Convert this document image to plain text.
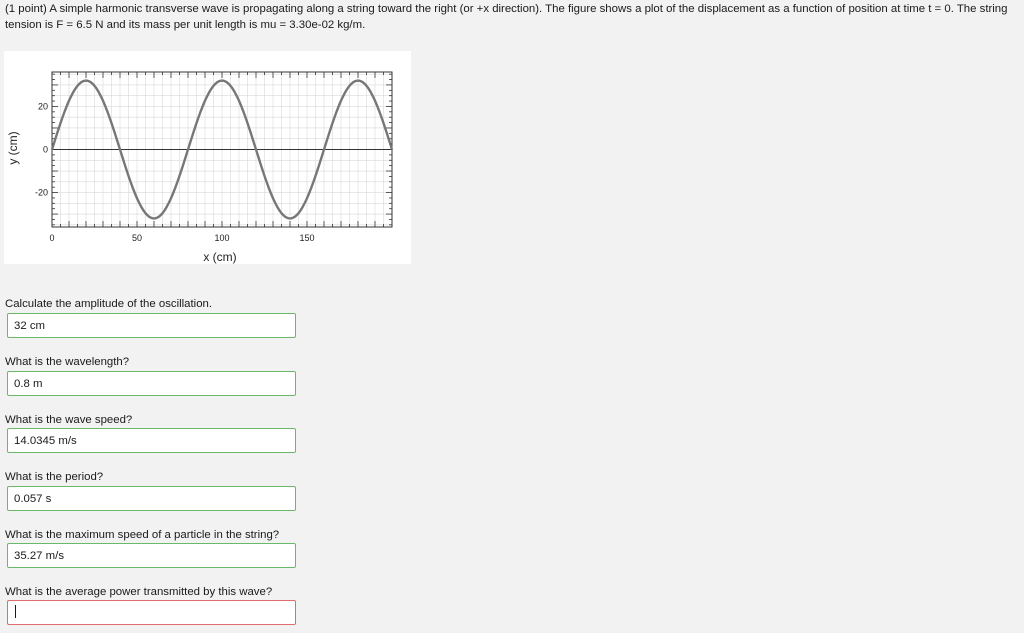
(1 point) A simple harmonic transverse wave is propagating along a string toward the right (or +x direction). The figure shows a plot of the displacement as a function of position at time t = 0. The string tension is F = 6.5 N and its mass per unit length is mu = 3.30e-02 kg/m.
0	50	100	150
20
0
-20
x (cm)
y (cm)
Calculate the amplitude of the oscillation.
32 cm
What is the wavelength?
0.8 m
What is the wave speed?
14.0345 m/s
What is the period?
0.057 s
What is the maximum speed of a particle in the string?
35.27 m/s
What is the average power transmitted by this wave?
